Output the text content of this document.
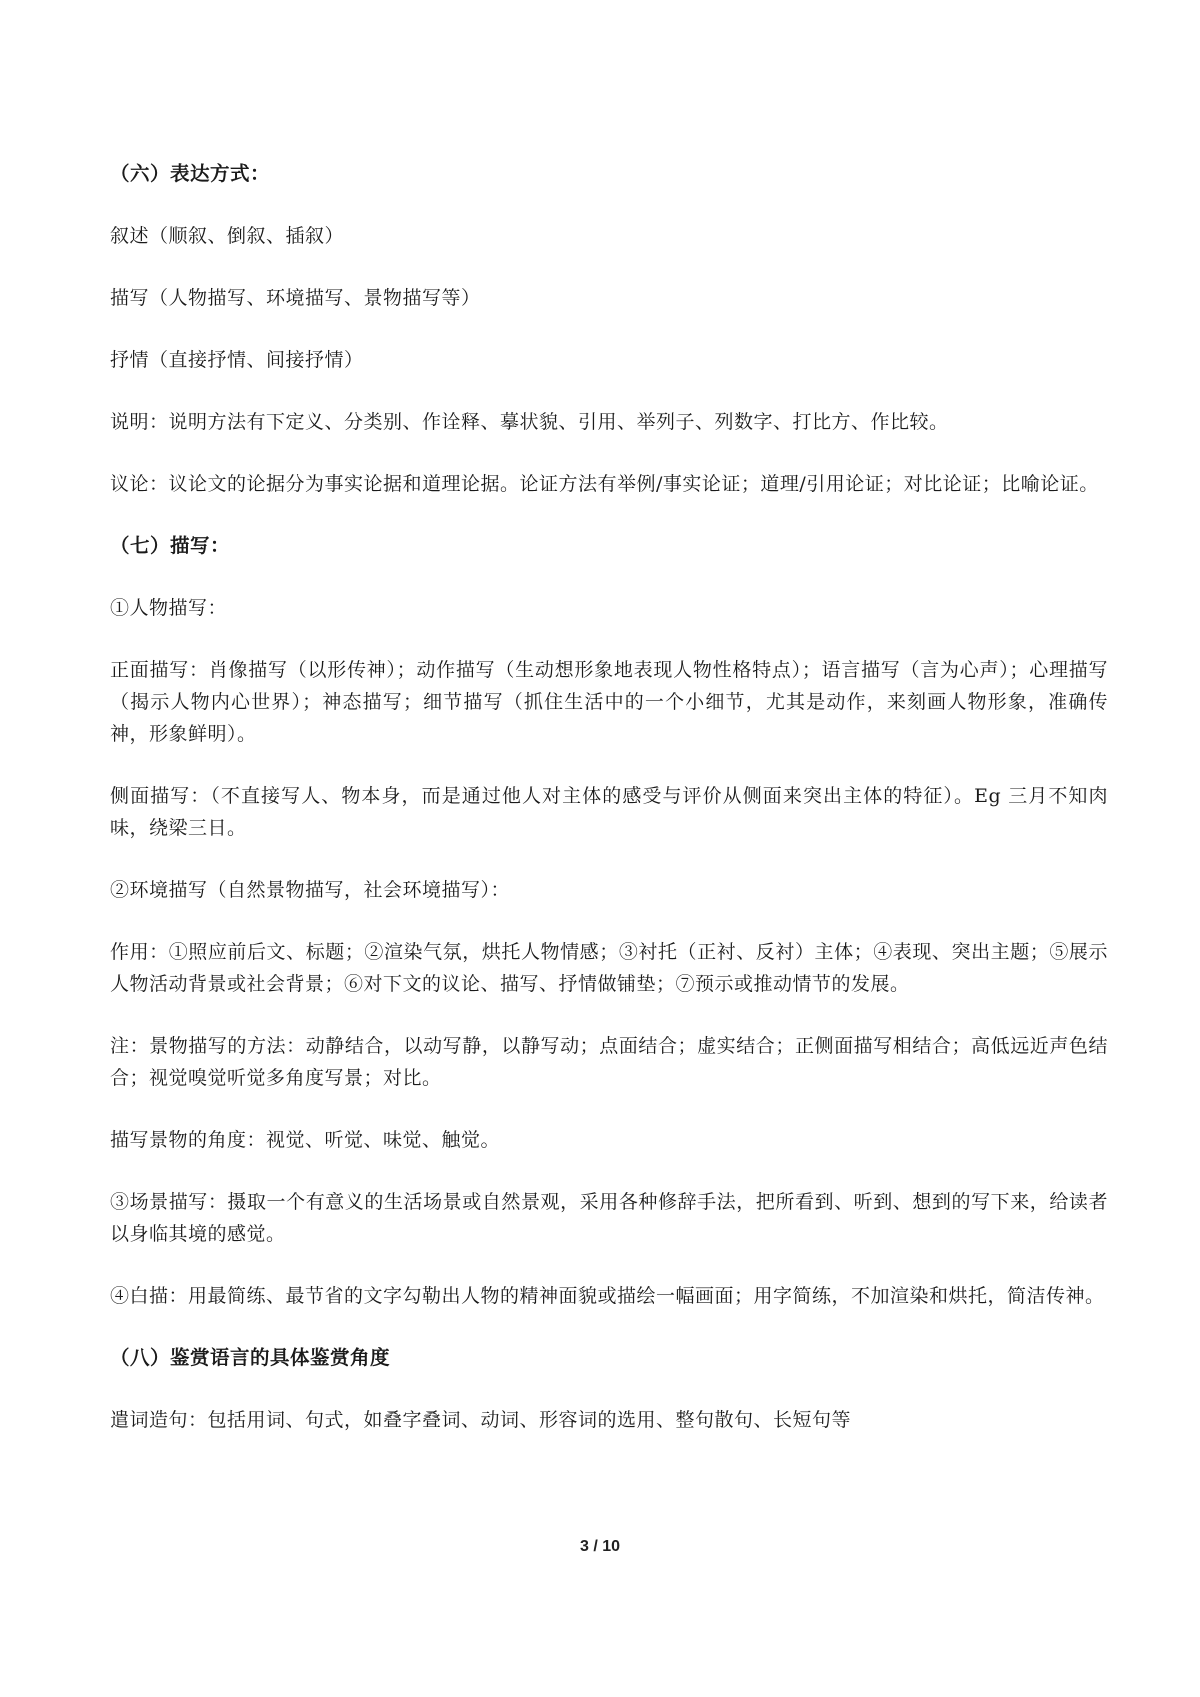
（六）表达方式：
叙述（顺叙、倒叙、插叙）
描写（人物描写、环境描写、景物描写等）
抒情（直接抒情、间接抒情）
说明：说明方法有下定义、分类别、作诠释、摹状貌、引用、举列子、列数字、打比方、作比较。
议论：议论文的论据分为事实论据和道理论据。论证方法有举例/事实论证；道理/引用论证；对比论证；比喻论证。
（七）描写：
①人物描写：
正面描写：肖像描写（以形传神）；动作描写（生动想形象地表现人物性格特点）；语言描写（言为心声）；心理描写（揭示人物内心世界）；神态描写；细节描写（抓住生活中的一个小细节，尤其是动作，来刻画人物形象，准确传神，形象鲜明）。
侧面描写：（不直接写人、物本身，而是通过他人对主体的感受与评价从侧面来突出主体的特征）。Eg 三月不知肉味，绕梁三日。
②环境描写（自然景物描写，社会环境描写）：
作用：①照应前后文、标题；②渲染气氛，烘托人物情感；③衬托（正衬、反衬）主体；④表现、突出主题；⑤展示人物活动背景或社会背景；⑥对下文的议论、描写、抒情做铺垫；⑦预示或推动情节的发展。
注：景物描写的方法：动静结合，以动写静，以静写动；点面结合；虚实结合；正侧面描写相结合；高低远近声色结合；视觉嗅觉听觉多角度写景；对比。
描写景物的角度：视觉、听觉、味觉、触觉。
③场景描写：摄取一个有意义的生活场景或自然景观，采用各种修辞手法，把所看到、听到、想到的写下来，给读者以身临其境的感觉。
④白描：用最简练、最节省的文字勾勒出人物的精神面貌或描绘一幅画面；用字简练，不加渲染和烘托，简洁传神。
（八）鉴赏语言的具体鉴赏角度
遣词造句：包括用词、句式，如叠字叠词、动词、形容词的选用、整句散句、长短句等
3 / 10
